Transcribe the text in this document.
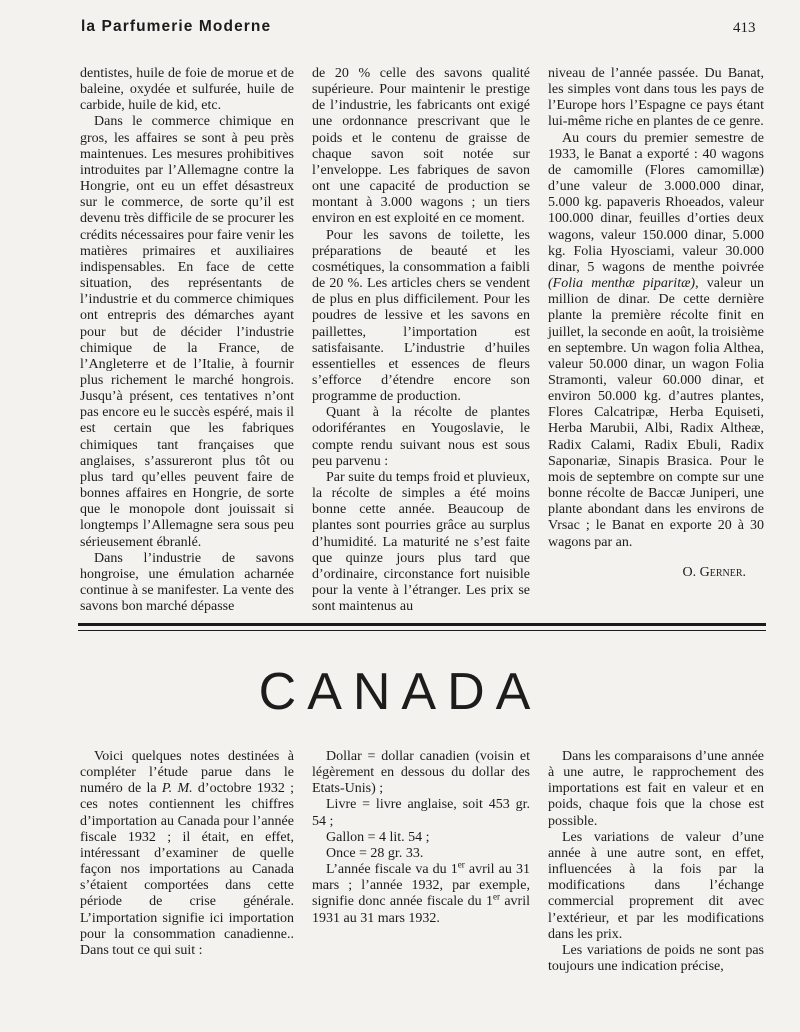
la Parfumerie Moderne	413

dentistes, huile de foie de morue et de baleine, oxydée et sulfurée, huile de carbide, huile de kid, etc.

Dans le commerce chimique en gros, les affaires se sont à peu près maintenues. Les mesures prohibitives introduites par l’Allemagne contre la Hongrie, ont eu un effet désastreux sur le commerce, de sorte qu’il est devenu très difficile de se procurer les crédits nécessaires pour faire venir les matières primaires et auxiliaires indispensables. En face de cette situation, des représentants de l’industrie et du commerce chimiques ont entrepris des démarches ayant pour but de décider l’industrie chimique de la France, de l’Angleterre et de l’Italie, à fournir plus richement le marché hongrois. Jusqu’à présent, ces tentatives n’ont pas encore eu le succès espéré, mais il est certain que les fabriques chimiques tant françaises que anglaises, s’assureront plus tôt ou plus tard qu’elles peuvent faire de bonnes affaires en Hongrie, de sorte que le monopole dont jouissait si longtemps l’Allemagne sera sous peu sérieusement ébranlé.

Dans l’industrie de savons hongroise, une émulation acharnée continue à se manifester. La vente des savons bon marché dépasse

de 20 % celle des savons qualité supérieure. Pour maintenir le prestige de l’industrie, les fabricants ont exigé une ordonnance prescrivant que le poids et le contenu de graisse de chaque savon soit notée sur l’enveloppe. Les fabriques de savon ont une capacité de production se montant à 3.000 wagons ; un tiers environ en est exploité en ce moment.

Pour les savons de toilette, les préparations de beauté et les cosmétiques, la consommation a faibli de 20 %. Les articles chers se vendent de plus en plus difficilement. Pour les poudres de lessive et les savons en paillettes, l’importation est satisfaisante. L’industrie d’huiles essentielles et essences de fleurs s’efforce d’étendre encore son programme de production.

Quant à la récolte de plantes odoriférantes en Yougoslavie, le compte rendu suivant nous est sous peu parvenu :

Par suite du temps froid et pluvieux, la récolte de simples a été moins bonne cette année. Beaucoup de plantes sont pourries grâce au surplus d’humidité. La maturité ne s’est faite que quinze jours plus tard que d’ordinaire, circonstance fort nuisible pour la vente à l’étranger. Les prix se sont maintenus au

niveau de l’année passée. Du Banat, les simples vont dans tous les pays de l’Europe hors l’Espagne ce pays étant lui-même riche en plantes de ce genre.

Au cours du premier semestre de 1933, le Banat a exporté : 40 wagons de camomille (Flores camomillæ) d’une valeur de 3.000.000 dinar, 5.000 kg. papaveris Rhoeados, valeur 100.000 dinar, feuilles d’orties deux wagons, valeur 150.000 dinar, 5.000 kg. Folia Hyosciami, valeur 30.000 dinar, 5 wagons de menthe poivrée (Folia menthæ piparitæ), valeur un million de dinar. De cette dernière plante la première récolte finit en juillet, la seconde en août, la troisième en septembre. Un wagon folia Althea, valeur 50.000 dinar, un wagon Folia Stramonti, valeur 60.000 dinar, et environ 50.000 kg. d’autres plantes, Flores Calcatripæ, Herba Equiseti, Herba Marubii, Albi, Radix Altheæ, Radix Calami, Radix Ebuli, Radix Saponariæ, Sinapis Brasica. Pour le mois de septembre on compte sur une bonne récolte de Baccæ Juniperi, une plante abondant dans les environs de Vrsac ; le Banat en exporte 20 à 30 wagons par an.

O. Gerner.

CANADA

Voici quelques notes destinées à compléter l’étude parue dans le numéro de la P. M. d’octobre 1932 ; ces notes contiennent les chiffres d’importation au Canada pour l’année fiscale 1932 ; il était, en effet, intéressant d’examiner de quelle façon nos importations au Canada s’étaient comportées dans cette période de crise générale. L’importation signifie ici importation pour la consommation canadienne.. Dans tout ce qui suit :

Dollar = dollar canadien (voisin et légèrement en dessous du dollar des Etats-Unis) ;

Livre = livre anglaise, soit 453 gr. 54 ;

Gallon = 4 lit. 54 ;

Once = 28 gr. 33.

L’année fiscale va du 1er avril au 31 mars ; l’année 1932, par exemple, signifie donc année fiscale du 1er avril 1931 au 31 mars 1932.

Dans les comparaisons d’une année à une autre, le rapprochement des importations est fait en valeur et en poids, chaque fois que la chose est possible.

Les variations de valeur d’une année à une autre sont, en effet, influencées à la fois par la modifications dans l’échange commercial proprement dit avec l’extérieur, et par les modifications dans les prix.

Les variations de poids ne sont pas toujours une indication précise,
